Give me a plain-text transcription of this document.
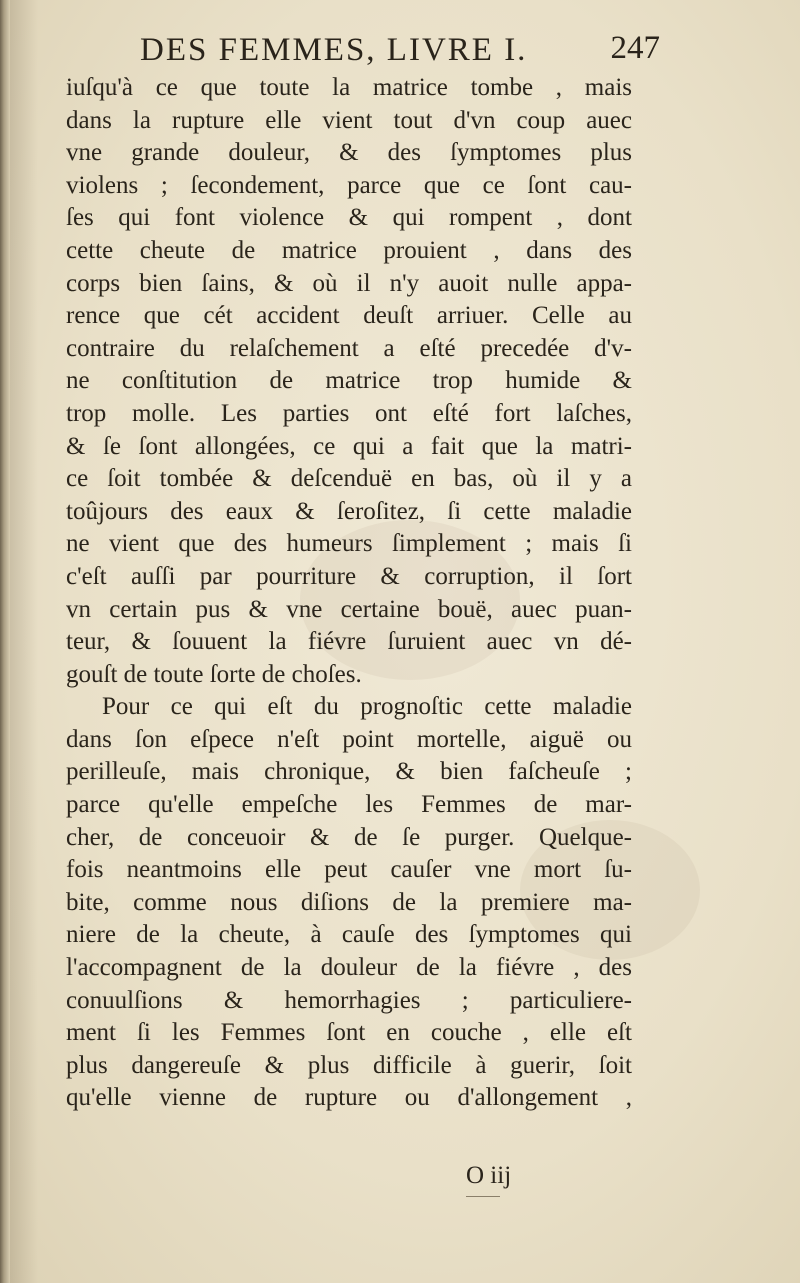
DES FEMMES, LIVRE I.	247
iuſqu'à ce que toute la matrice tombe , mais
dans la rupture elle vient tout d'vn coup auec
vne grande douleur, & des ſymptomes plus
violens ; ſecondement, parce que ce ſont cau-
ſes qui font violence & qui rompent , dont
cette cheute de matrice prouient , dans des
corps bien ſains, & où il n'y auoit nulle appa-
rence que cét accident deuſt arriuer. Celle au
contraire du relaſchement a eſté precedée d'v-
ne conſtitution de matrice trop humide &
trop molle. Les parties ont eſté fort laſches,
& ſe ſont allongées, ce qui a fait que la matri-
ce ſoit tombée & deſcenduë en bas, où il y a
toûjours des eaux & ſeroſitez, ſi cette maladie
ne vient que des humeurs ſimplement ; mais ſi
c'eſt auſſi par pourriture & corruption, il ſort
vn certain pus & vne certaine bouë, auec puan-
teur, & ſouuent la fiévre ſuruient auec vn dé-
gouſt de toute ſorte de choſes.
Pour ce qui eſt du prognoſtic cette maladie
dans ſon eſpece n'eſt point mortelle, aiguë ou
perilleuſe, mais chronique, & bien faſcheuſe ;
parce qu'elle empeſche les Femmes de mar-
cher, de conceuoir & de ſe purger. Quelque-
fois neantmoins elle peut cauſer vne mort ſu-
bite, comme nous diſions de la premiere ma-
niere de la cheute, à cauſe des ſymptomes qui
l'accompagnent de la douleur de la fiévre , des
conuulſions & hemorrhagies ; particuliere-
ment ſi les Femmes ſont en couche , elle eſt
plus dangereuſe & plus difficile à guerir, ſoit
qu'elle vienne de rupture ou d'allongement ,
O iij
